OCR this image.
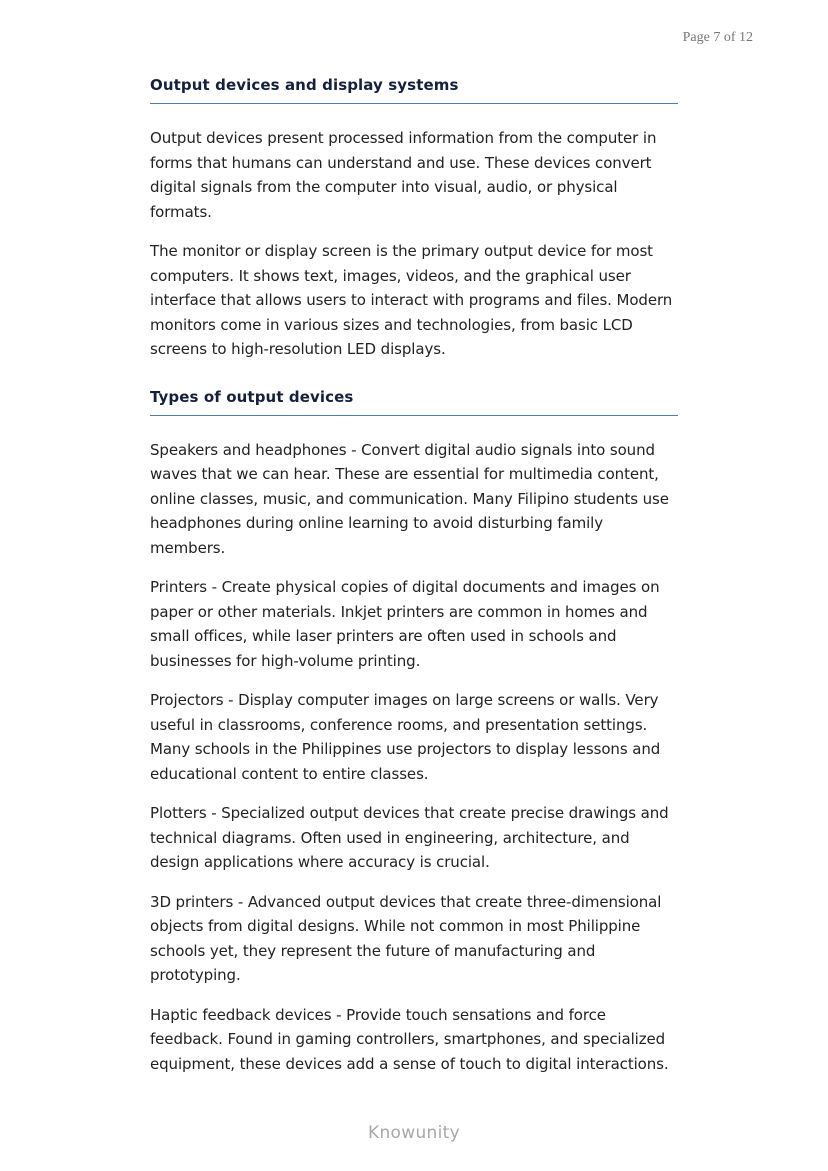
Page 7 of 12
Output devices and display systems

Output devices present processed information from the computer in forms that humans can understand and use. These devices convert digital signals from the computer into visual, audio, or physical formats.

The monitor or display screen is the primary output device for most computers. It shows text, images, videos, and the graphical user interface that allows users to interact with programs and files. Modern monitors come in various sizes and technologies, from basic LCD screens to high-resolution LED displays.

Types of output devices

Speakers and headphones - Convert digital audio signals into sound waves that we can hear. These are essential for multimedia content, online classes, music, and communication. Many Filipino students use headphones during online learning to avoid disturbing family members.

Printers - Create physical copies of digital documents and images on paper or other materials. Inkjet printers are common in homes and small offices, while laser printers are often used in schools and businesses for high-volume printing.

Projectors - Display computer images on large screens or walls. Very useful in classrooms, conference rooms, and presentation settings. Many schools in the Philippines use projectors to display lessons and educational content to entire classes.

Plotters - Specialized output devices that create precise drawings and technical diagrams. Often used in engineering, architecture, and design applications where accuracy is crucial.

3D printers - Advanced output devices that create three-dimensional objects from digital designs. While not common in most Philippine schools yet, they represent the future of manufacturing and prototyping.

Haptic feedback devices - Provide touch sensations and force feedback. Found in gaming controllers, smartphones, and specialized equipment, these devices add a sense of touch to digital interactions.

Knowunity
